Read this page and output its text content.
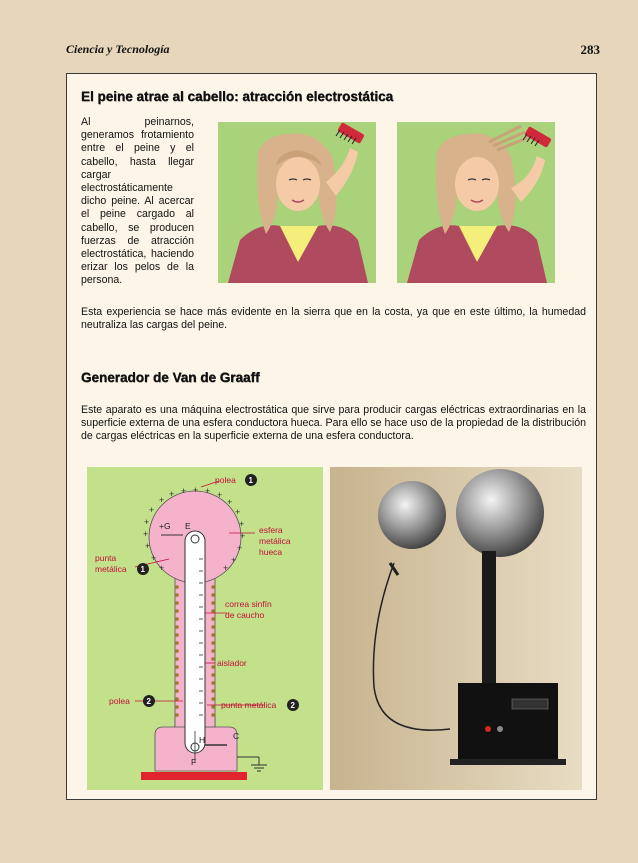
Ciencia y Tecnología	283
El peine atrae al cabello: atracción electrostática

Al peinarnos, generamos frotamiento entre el peine y el cabello, hasta llegar cargar electrostáticamente dicho peine. Al acercar el peine cargado al cabello, se producen fuerzas de atracción electrostática, haciendo erizar los pelos de la persona.

Esta experiencia se hace más evidente en la sierra que en la costa, ya que en este último, la humedad neutraliza las cargas del peine.

Generador de Van de Graaff

Este aparato es una máquina electrostática que sirve para producir cargas eléctricas extraordinarias en la superficie externa de una esfera conductora hueca. Para ello se hace uso de la propiedad de la distribución de cargas eléctricas en la superficie externa de una esfera conductora.

+
+ + + + +
+
+
+
+
+
+
+
+
+
+
+
+
+
polea 1
esfera
metálica
hueca
punta
metálica 1
correa sinfín
de caucho
aislador
polea 2	punta metálica 2
+G E
H	C
F
